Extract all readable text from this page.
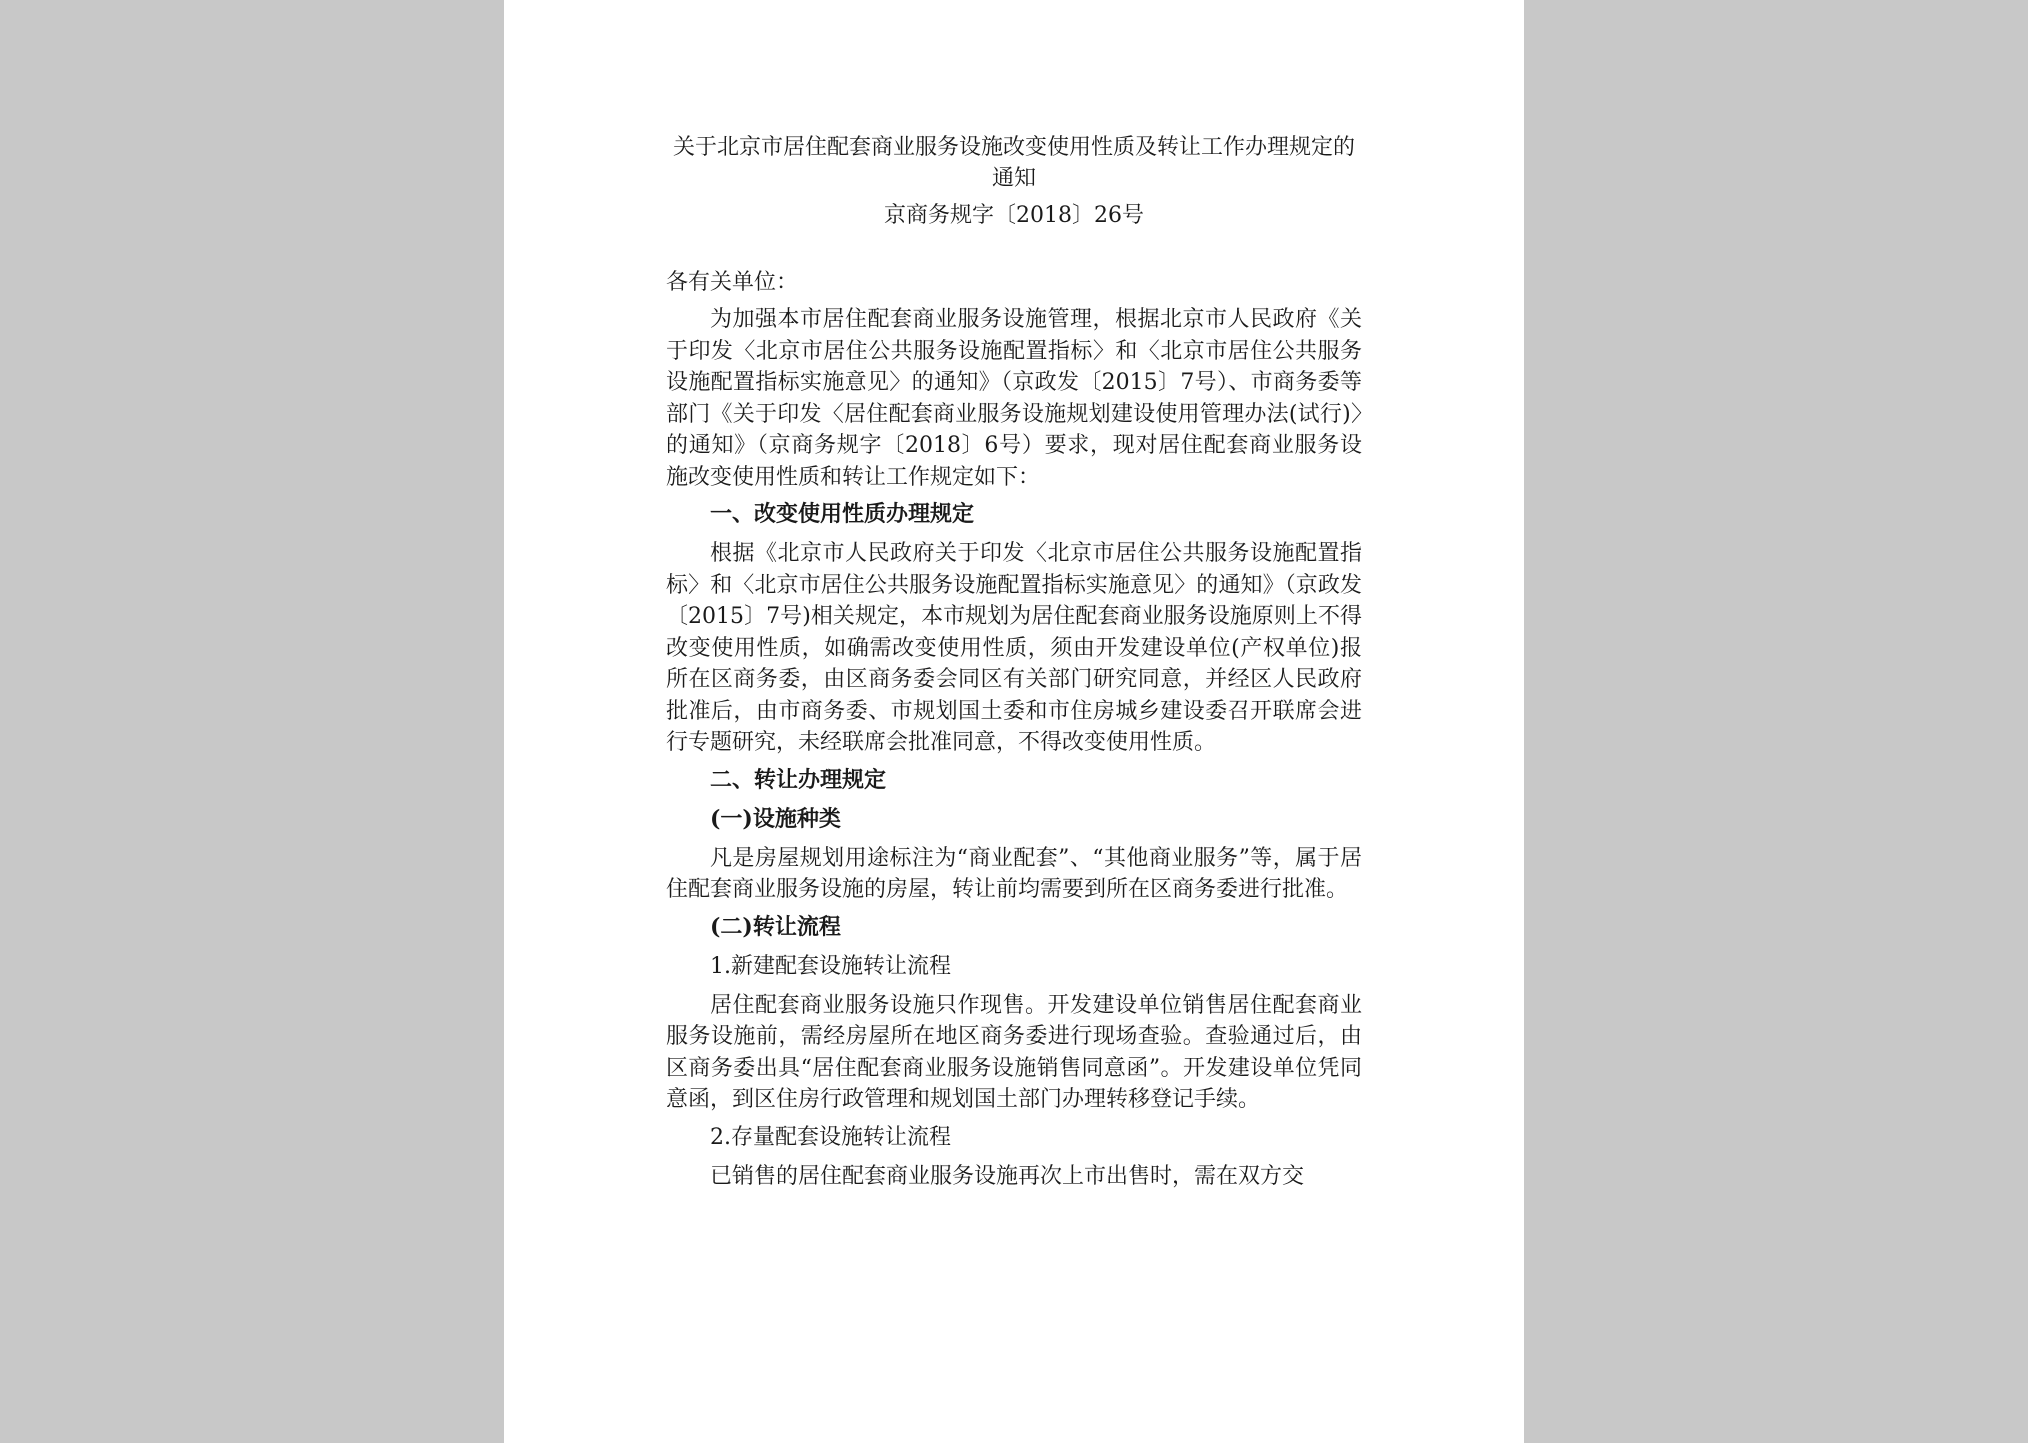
关于北京市居住配套商业服务设施改变使用性质及转让工作办理规定的通知

京商务规字〔2018〕26号

各有关单位：

为加强本市居住配套商业服务设施管理，根据北京市人民政府《关于印发〈北京市居住公共服务设施配置指标〉和〈北京市居住公共服务设施配置指标实施意见〉的通知》（京政发〔2015〕7号）、市商务委等部门《关于印发〈居住配套商业服务设施规划建设使用管理办法(试行)〉的通知》（京商务规字〔2018〕6号）要求，现对居住配套商业服务设施改变使用性质和转让工作规定如下：

一、改变使用性质办理规定

根据《北京市人民政府关于印发〈北京市居住公共服务设施配置指标〉和〈北京市居住公共服务设施配置指标实施意见〉的通知》（京政发〔2015〕7号)相关规定，本市规划为居住配套商业服务设施原则上不得改变使用性质，如确需改变使用性质，须由开发建设单位(产权单位)报所在区商务委，由区商务委会同区有关部门研究同意，并经区人民政府批准后，由市商务委、市规划国土委和市住房城乡建设委召开联席会进行专题研究，未经联席会批准同意，不得改变使用性质。

二、转让办理规定

(一)设施种类

凡是房屋规划用途标注为“商业配套”、“其他商业服务”等，属于居住配套商业服务设施的房屋，转让前均需要到所在区商务委进行批准。

(二)转让流程

1.新建配套设施转让流程

居住配套商业服务设施只作现售。开发建设单位销售居住配套商业服务设施前，需经房屋所在地区商务委进行现场查验。查验通过后，由区商务委出具“居住配套商业服务设施销售同意函”。开发建设单位凭同意函，到区住房行政管理和规划国土部门办理转移登记手续。

2.存量配套设施转让流程

已销售的居住配套商业服务设施再次上市出售时，需在双方交
